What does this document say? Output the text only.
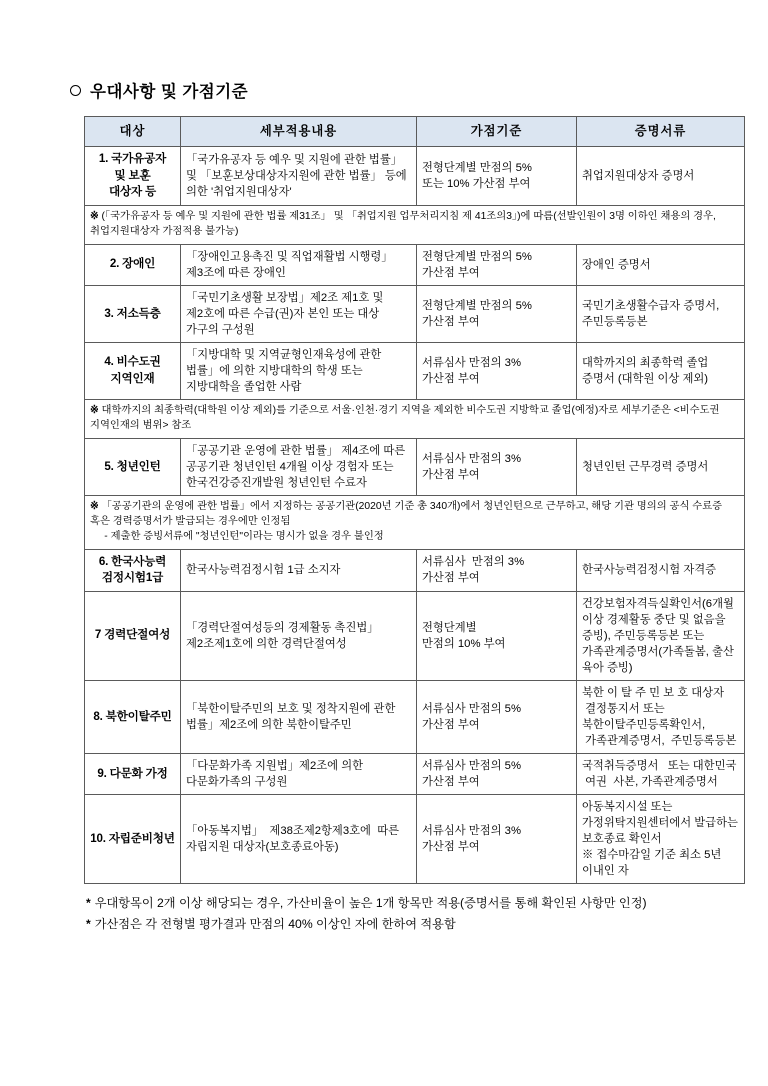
우대사항 및 가점기준
대상	세부적용내용	가점기준	증명서류

1. 국가유공자
및 보훈
대상자 등	「국가유공자 등 예우 및 지원에 관한 법률」 및 「보훈보상대상자지원에 관한 법률」 등에 의한 '취업지원대상자'	전형단계별 만점의 5%
또는 10% 가산점 부여	취업지원대상자 증명서
※ (「국가유공자 등 예우 및 지원에 관한 법률 제31조」 및 「취업지원 업무처리지침 제 41조의3」)에 따름(선발인원이 3명 이하인 채용의 경우, 취업지원대상자 가점적용 불가능)			
2. 장애인	「장애인고용촉진 및 직업재활법 시행령」제3조에 따른 장애인	전형단계별 만점의 5%
가산점 부여	장애인 증명서
3. 저소득층	「국민기초생활 보장법」제2조 제1호 및 제2호에 따른 수급(권)자 본인 또는 대상 가구의 구성원	전형단계별 만점의 5%
가산점 부여	국민기초생활수급자 증명서,
주민등록등본

4. 비수도권
지역인재	「지방대학 및 지역균형인재육성에 관한 법률」에 의한 지방대학의 학생 또는 지방대학을 졸업한 사람	서류심사 만점의 3%
가산점 부여	대학까지의 최종학력 졸업 증명서 (대학원 이상 제외)
※ 대학까지의 최종학력(대학원 이상 제외)를 기준으로 서울·인천·경기 지역을 제외한 비수도권 지방학교 졸업(예정)자로 세부기준은 <비수도권 지역인재의 범위> 참조			
5. 청년인턴	「공공기관 운영에 관한 법률」 제4조에 따른 공공기관 청년인턴 4개월 이상 경험자 또는 한국건강증진개발원 청년인턴 수료자	서류심사 만점의 3%
가산점 부여	청년인턴 근무경력 증명서
※ 「공공기관의 운영에 관한 법률」에서 지정하는 공공기관(2020년 기준 총 340개)에서 청년인턴으로 근무하고, 해당 기관 명의의 공식 수료증 혹은 경력증명서가 발급되는 경우에만 인정됨
- 제출한 증빙서류에 "청년인턴"이라는 명시가 없을 경우 불인정			

6. 한국사능력
검정시험1급	한국사능력검정시험 1급 소지자	서류심사  만점의 3%
가산점 부여	한국사능력검정시험 자격증
7 경력단절여성	「경력단절여성등의 경제활동 촉진법」 제2조제1호에 의한 경력단절여성	전형단계별
만점의 10% 부여	건강보험자격득실확인서(6개월 이상 경제활동 중단 및 없음을 증빙), 주민등록등본 또는 가족관계증명서(가족돌봄, 출산 육아 증빙)
8. 북한이탈주민	「북한이탈주민의 보호 및 정착지원에 관한 법률」제2조에 의한 북한이탈주민	서류심사 만점의 5%
가산점 부여	북한 이 탈 주 민 보 호 대상자  결정통지서 또는 북한이탈주민등록확인서,  가족관계증명서,  주민등록등본
9. 다문화 가정	「다문화가족 지원법」제2조에 의한 다문화가족의 구성원	서류심사 만점의 5%
가산점 부여	국적취득증명서   또는 대한민국  여권  사본, 가족관계증명서
10. 자립준비청년	「아동복지법」  제38조제2항제3호에  따른 자립지원 대상자(보호종료아동)	서류심사 만점의 3%
가산점 부여	아동복지시설 또는 가정위탁지원센터에서 발급하는 보호종료 확인서
※ 접수마감일 기준 최소 5년 이내인 자
* 우대항목이 2개 이상 해당되는 경우, 가산비율이 높은 1개 항목만 적용(증명서를 통해 확인된 사항만 인정)
* 가산점은 각 전형별 평가결과 만점의 40% 이상인 자에 한하여 적용함
